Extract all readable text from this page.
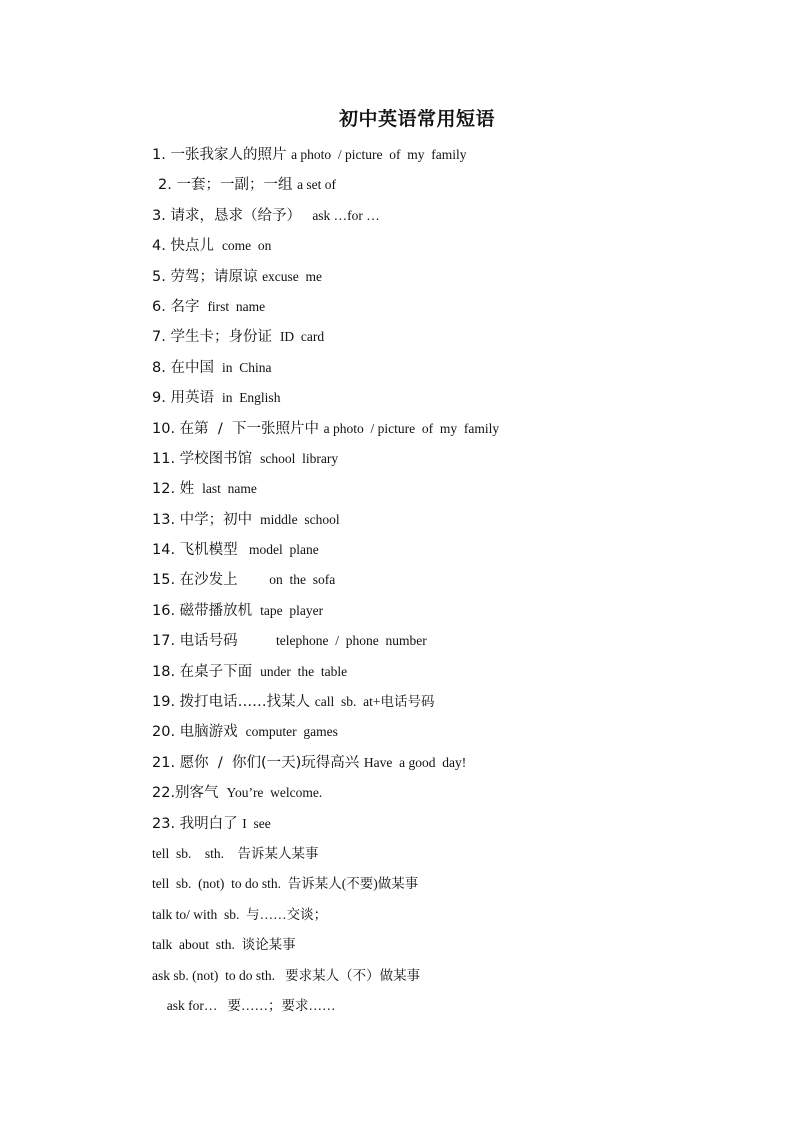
初中英语常用短语
1. 一张我家人的照片 a photo  / picture  of  my  family
2. 一套；一副；一组 a set of
3. 请求，恳求（给予）   ask …for …
4. 快点儿  come  on
5. 劳驾；请原谅 excuse  me
6. 名字  first  name
7. 学生卡；身份证  ID  card
8. 在中国  in  China
9. 用英语  in  English
10. 在第  /  下一张照片中 a photo  / picture  of  my  family
11. 学校图书馆  school  library
12. 姓  last  name
13. 中学；初中  middle  school
14. 飞机模型   model  plane
15. 在沙发上         on  the  sofa
16. 磁带播放机  tape  player
17. 电话号码           telephone  /  phone  number
18. 在桌子下面  under  the  table
19. 拨打电话……找某人 call  sb.  at+电话号码
20. 电脑游戏  computer  games
21. 愿你  /  你们(一天)玩得高兴 Have  a good  day!
22.别客气  You’re  welcome.
23. 我明白了 I  see
tell  sb.    sth.    告诉某人某事
tell  sb.  (not)  to do sth.  告诉某人(不要)做某事
talk to/ with  sb.  与……交谈；
talk  about  sth.  谈论某事
ask sb. (not)  to do sth.   要求某人（不）做某事
ask for…   要……；要求……
